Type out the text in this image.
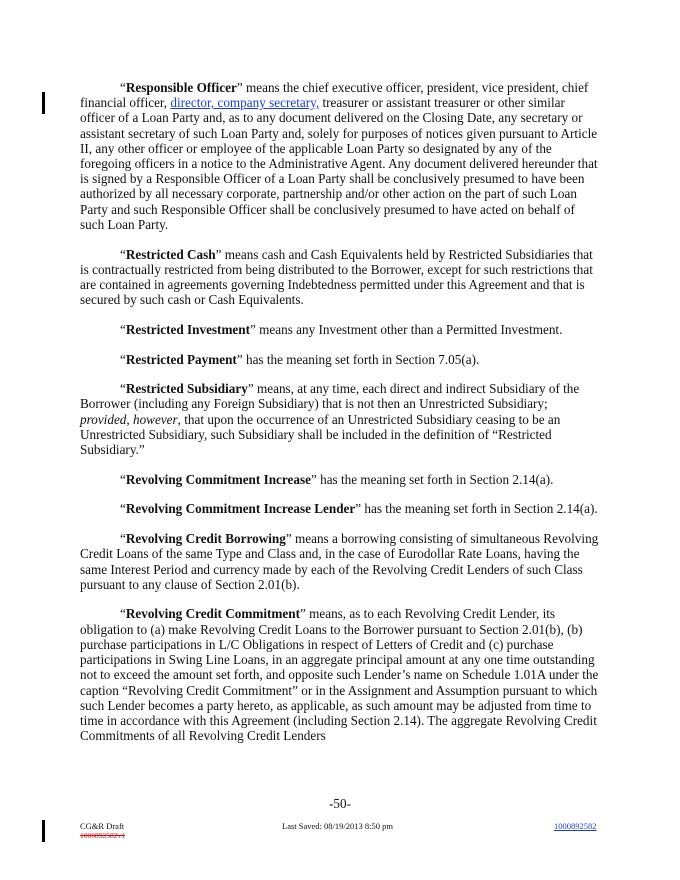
“Responsible Officer” means the chief executive officer, president, vice president, chief financial officer, director, company secretary, treasurer or assistant treasurer or other similar officer of a Loan Party and, as to any document delivered on the Closing Date, any secretary or assistant secretary of such Loan Party and, solely for purposes of notices given pursuant to Article II, any other officer or employee of the applicable Loan Party so designated by any of the foregoing officers in a notice to the Administrative Agent. Any document delivered hereunder that is signed by a Responsible Officer of a Loan Party shall be conclusively presumed to have been authorized by all necessary corporate, partnership and/or other action on the part of such Loan Party and such Responsible Officer shall be conclusively presumed to have acted on behalf of such Loan Party.

“Restricted Cash” means cash and Cash Equivalents held by Restricted Subsidiaries that is contractually restricted from being distributed to the Borrower, except for such restrictions that are contained in agreements governing Indebtedness permitted under this Agreement and that is secured by such cash or Cash Equivalents.

“Restricted Investment” means any Investment other than a Permitted Investment.

“Restricted Payment” has the meaning set forth in Section 7.05(a).

“Restricted Subsidiary” means, at any time, each direct and indirect Subsidiary of the Borrower (including any Foreign Subsidiary) that is not then an Unrestricted Subsidiary; provided, however, that upon the occurrence of an Unrestricted Subsidiary ceasing to be an Unrestricted Subsidiary, such Subsidiary shall be included in the definition of “Restricted Subsidiary.”

“Revolving Commitment Increase” has the meaning set forth in Section 2.14(a).

“Revolving Commitment Increase Lender” has the meaning set forth in Section 2.14(a).

“Revolving Credit Borrowing” means a borrowing consisting of simultaneous Revolving Credit Loans of the same Type and Class and, in the case of Eurodollar Rate Loans, having the same Interest Period and currency made by each of the Revolving Credit Lenders of such Class pursuant to any clause of Section 2.01(b).

“Revolving Credit Commitment” means, as to each Revolving Credit Lender, its obligation to (a) make Revolving Credit Loans to the Borrower pursuant to Section 2.01(b), (b) purchase participations in L/C Obligations in respect of Letters of Credit and (c) purchase participations in Swing Line Loans, in an aggregate principal amount at any one time outstanding not to exceed the amount set forth, and opposite such Lender’s name on Schedule 1.01A under the caption “Revolving Credit Commitment” or in the Assignment and Assumption pursuant to which such Lender becomes a party hereto, as applicable, as such amount may be adjusted from time to time in accordance with this Agreement (including Section 2.14). The aggregate Revolving Credit Commitments of all Revolving Credit Lenders

-50-
CG&R Draft
1000892582v1
Last Saved: 08/19/2013 8:50 pm	1000892582
